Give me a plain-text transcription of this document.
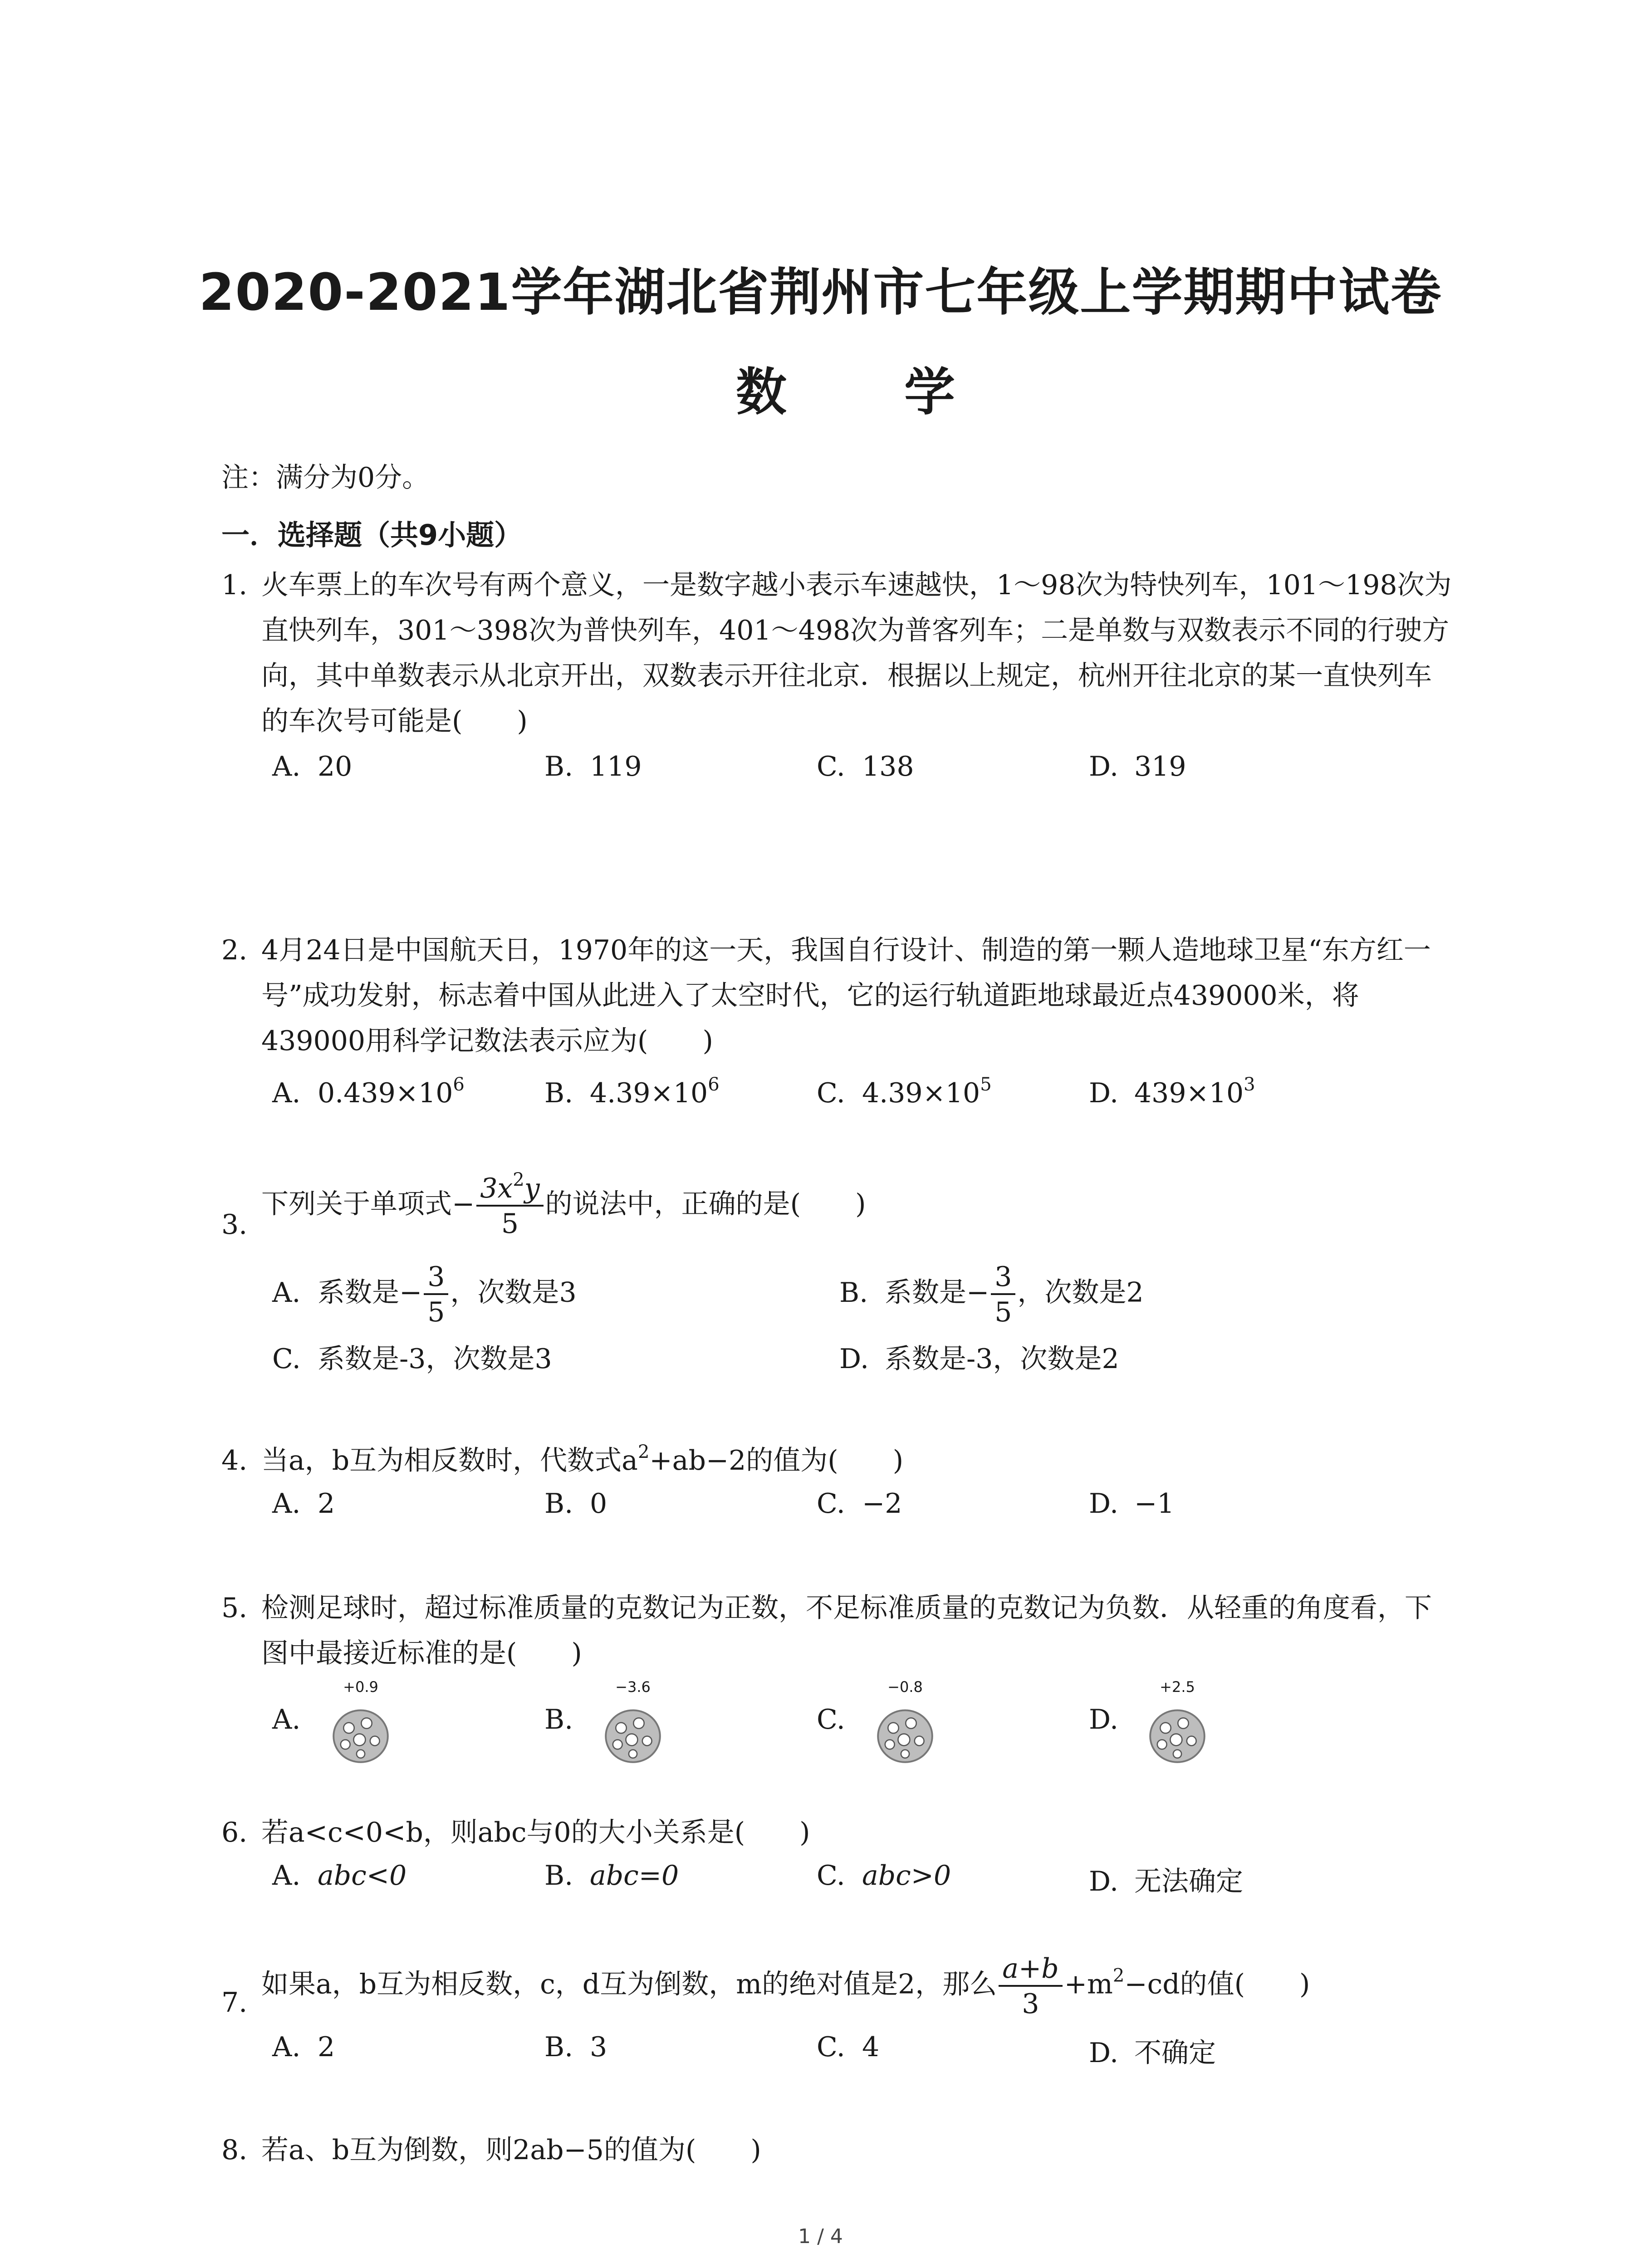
2020-2021学年湖北省荆州市七年级上学期期中试卷
数 学
注：满分为0分。
一．选择题（共9小题）
1. 火车票上的车次号有两个意义，一是数字越小表示车速越快，1～98次为特快列车，101～198次为直快列车，301～398次为普快列车，401～498次为普客列车；二是单数与双数表示不同的行驶方向，其中单数表示从北京开出，双数表示开往北京．根据以上规定，杭州开往北京的某一直快列车的车次号可能是(　　)
A. 20	B. 119	C. 138	D. 319
2. 4月24日是中国航天日，1970年的这一天，我国自行设计、制造的第一颗人造地球卫星“东方红一号”成功发射，标志着中国从此进入了太空时代，它的运行轨道距地球最近点439000米，将439000用科学记数法表示应为(　　)
A. $0.439\times 10^6$	B. $4.39\times 10^6$	C. $4.39\times 10^5$	D. $439\times 10^3$
3.
下列关于单项式− $\frac{3x^2y}{5}$ 的说法中，正确的是(　　)
A. 系数是− $\frac{3}{5}$ ，次数是3	B. 系数是− $\frac{3}{5}$ ，次数是2
C. 系数是-3，次数是3	D. 系数是-3，次数是2
4. 当a，b互为相反数时，代数式$a^2+ab-2$的值为(　　)
A. 2	B. 0	C. −2	D. −1
5. 检测足球时，超过标准质量的克数记为正数，不足标准质量的克数记为负数．从轻重的角度看，下图中最接近标准的是(　　)
A.
+0.9
B.
−3.6
C.
−0.8
D.
+2.5
6. 若a<c<0<b，则abc与0的大小关系是(　　)
A. abc<0	B. abc=0	C. abc>0	D. 无法确定
7.
如果a，b互为相反数，c，d互为倒数，m的绝对值是2，那么 $\frac{a+b}{3} +m^2-cd$的值(　　)
A. 2	B. 3	C. 4	D. 不确定
8. 若a、b互为倒数，则2ab−5的值为(　　)
1 / 4
